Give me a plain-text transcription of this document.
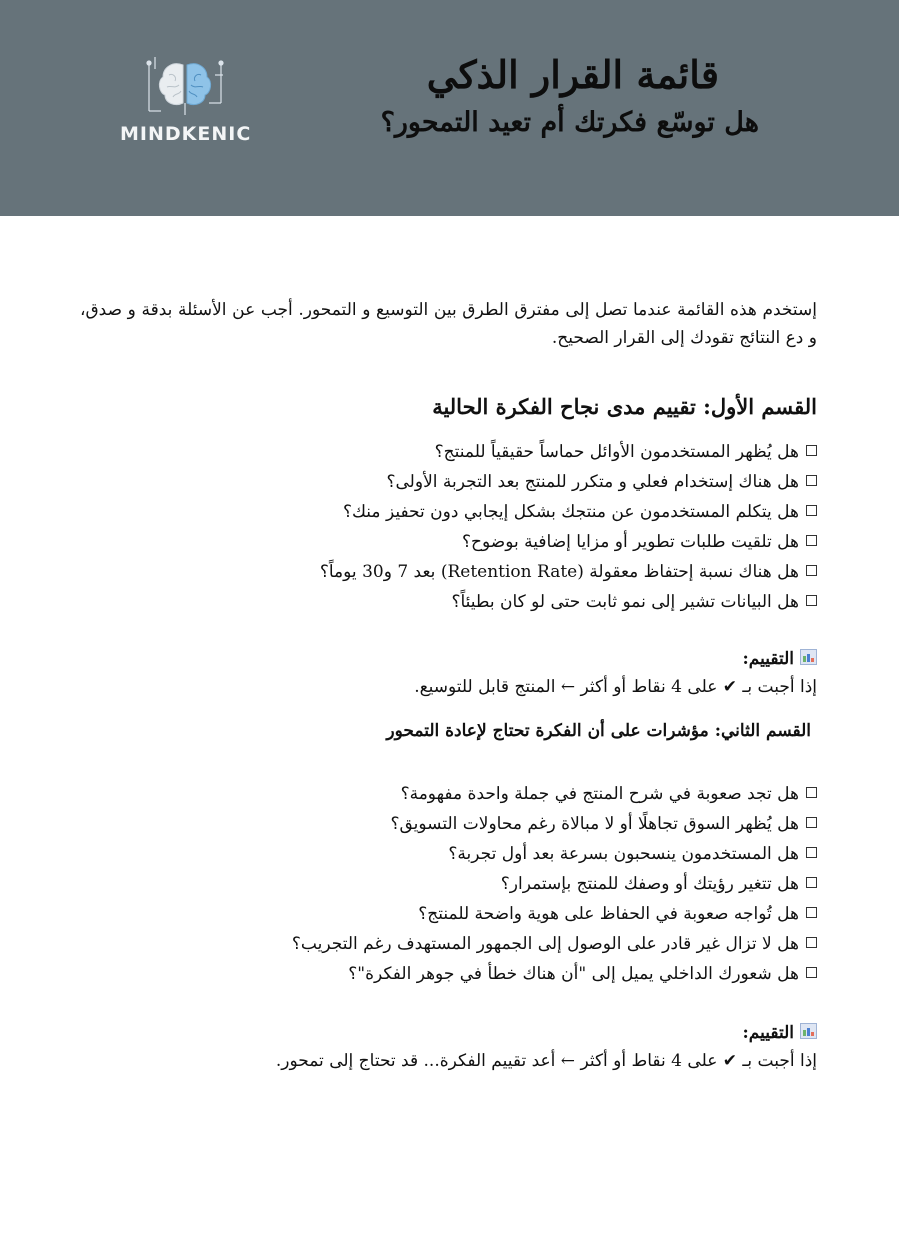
MINDKENIC
قائمة القرار الذكي
هل توسّع فكرتك أم تعيد التمحور؟

إستخدم هذه القائمة عندما تصل إلى مفترق الطرق بين التوسيع و التمحور. أجب عن الأسئلة بدقة و صدق، و دع النتائج تقودك إلى القرار الصحيح.

القسم الأول: تقييم مدى نجاح الفكرة الحالية
هل يُظهر المستخدمون الأوائل حماساً حقيقياً للمنتج؟
هل هناك إستخدام فعلي و متكرر للمنتج بعد التجربة الأولى؟
هل يتكلم المستخدمون عن منتجك بشكل إيجابي دون تحفيز منك؟
هل تلقيت طلبات تطوير أو مزايا إضافية بوضوح؟
هل هناك نسبة إحتفاظ معقولة (Retention Rate) بعد 7 و30 يوماً؟
هل البيانات تشير إلى نمو ثابت حتى لو كان بطيئاً؟
التقييم:
إذا أجبت بـ ✔ على 4 نقاط أو أكثر ← المنتج قابل للتوسيع.
القسم الثاني: مؤشرات على أن الفكرة تحتاج لإعادة التمحور
هل تجد صعوبة في شرح المنتج في جملة واحدة مفهومة؟
هل يُظهر السوق تجاهلًا أو لا مبالاة رغم محاولات التسويق؟
هل المستخدمون ينسحبون بسرعة بعد أول تجربة؟
هل تتغير رؤيتك أو وصفك للمنتج بإستمرار؟
هل تُواجه صعوبة في الحفاظ على هوية واضحة للمنتج؟
هل لا تزال غير قادر على الوصول إلى الجمهور المستهدف رغم التجريب؟
هل شعورك الداخلي يميل إلى "أن هناك خطأ في جوهر الفكرة"؟
التقييم:
إذا أجبت بـ ✔ على 4 نقاط أو أكثر ← أعد تقييم الفكرة... قد تحتاج إلى تمحور.
